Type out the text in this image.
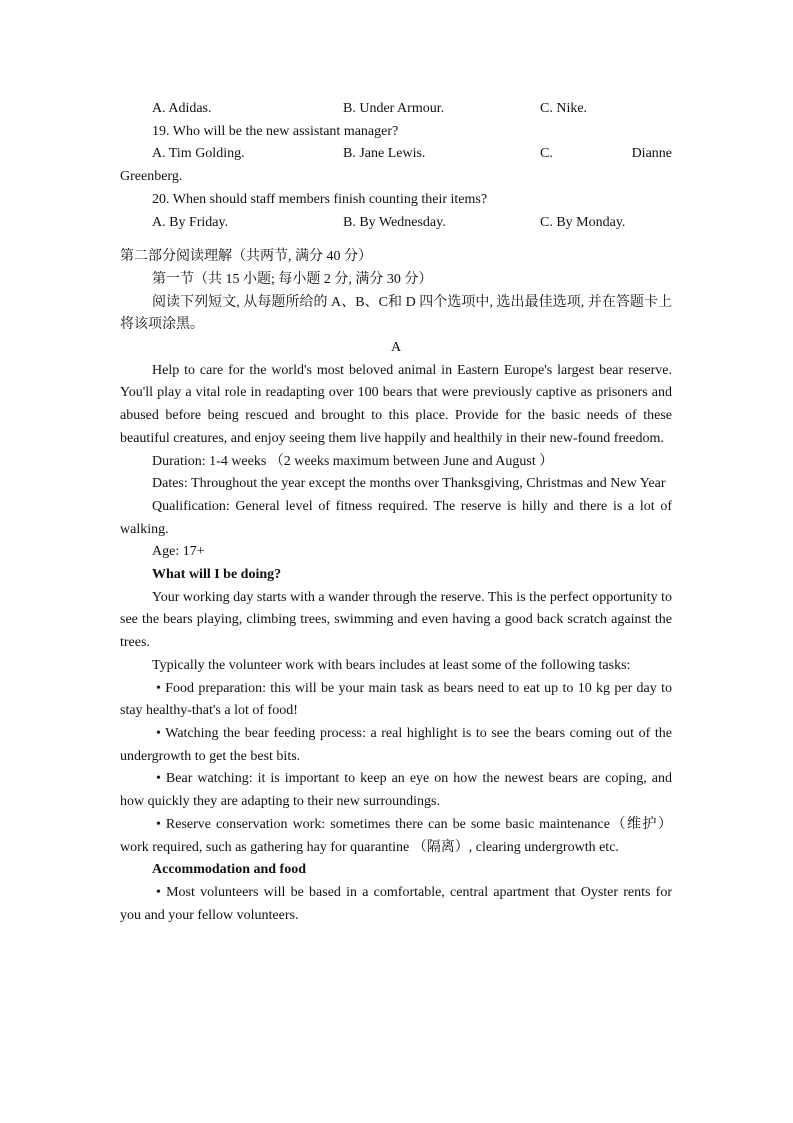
A. Adidas.	B. Under Armour.	C. Nike.

19. Who will be the new assistant manager?

A. Tim Golding.	B. Jane Lewis.	C.	Dianne

Greenberg.

20. When should staff members finish counting their items?

A. By Friday.	B. By Wednesday.	C. By Monday.

第二部分阅读理解（共两节, 满分 40 分）

第一节（共 15 小题; 每小题 2 分, 满分 30 分）

阅读下列短文, 从每题所给的 A、B、C和 D 四个选项中, 选出最佳选项, 并在答题卡上将该项涂黑。

A

Help to care for the world's most beloved animal in Eastern Europe's largest bear reserve. You'll play a vital role in readapting over 100 bears that were previously captive as prisoners and abused before being rescued and brought to this place. Provide for the basic needs of these beautiful creatures, and enjoy seeing them live happily and healthily in their new-found freedom.

Duration: 1-4 weeks （2 weeks maximum between June and August ）

Dates: Throughout the year except the months over Thanksgiving, Christmas and New Year

Qualification: General level of fitness required. The reserve is hilly and there is a lot of walking.

Age: 17+

What will I be doing?

Your working day starts with a wander through the reserve. This is the perfect opportunity to see the bears playing, climbing trees, swimming and even having a good back scratch against the trees.

Typically the volunteer work with bears includes at least some of the following tasks:

• Food preparation: this will be your main task as bears need to eat up to 10 kg per day to stay healthy-that's a lot of food!

• Watching the bear feeding process: a real highlight is to see the bears coming out of the undergrowth to get the best bits.

• Bear watching: it is important to keep an eye on how the newest bears are coping, and how quickly they are adapting to their new surroundings.

• Reserve conservation work: sometimes there can be some basic maintenance（维护）work required, such as gathering hay for quarantine （隔离）, clearing undergrowth etc.

Accommodation and food

• Most volunteers will be based in a comfortable, central apartment that Oyster rents for you and your fellow volunteers.
